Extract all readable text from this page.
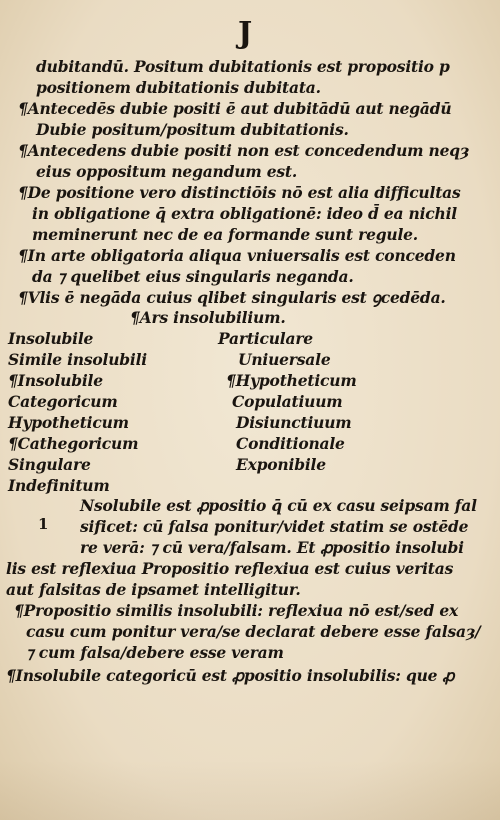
J
dubitandū. Positum dubitationis est propositio p
positionem dubitationis dubitata.
¶Antecedēs dubie positi ē aut dubitādū aut negādū
Dubie positum/positum dubitationis.
¶Antecedens dubie positi non est concedendum neqȝ
eius oppositum negandum est.
¶De positione vero distinctiōis nō est alia difficultas
in obligatione q̄ extra obligationē: ideo d̄ ea nichil
meminerunt nec de ea formande sunt regule.
¶In arte obligatoria aliqua vniuersalis est conceden
da ⁊ quelibet eius singularis neganda.
¶Vlis ē negāda cuius qlibet singularis est ꝯcedēda.
¶Ars insolubilium.
Insolubile
Simile insolubili
¶Insolubile
Categoricum
Hypotheticum
¶Cathegoricum
Singulare
Indefinitum
Particulare
Uniuersale
¶Hypotheticum
Copulatiuum
Disiunctiuum
Conditionale
Exponibile
1
Nsolubile est ꝓpositio q̄ cū ex casu seipsam fal
sificet: cū falsa ponitur/videt statim se ostēde
re verā: ⁊ cū vera/falsam. Et ꝓpositio insolubi
lis est reflexiua Propositio reflexiua est cuius veritas
aut falsitas de ipsamet intelligitur.
¶Propositio similis insolubili: reflexiua nō est/sed ex
casu cum ponitur vera/se declarat debere esse falsaȝ/
⁊ cum falsa/debere esse veram
¶Insolubile categoricū est ꝓpositio insolubilis: que ꝓ
